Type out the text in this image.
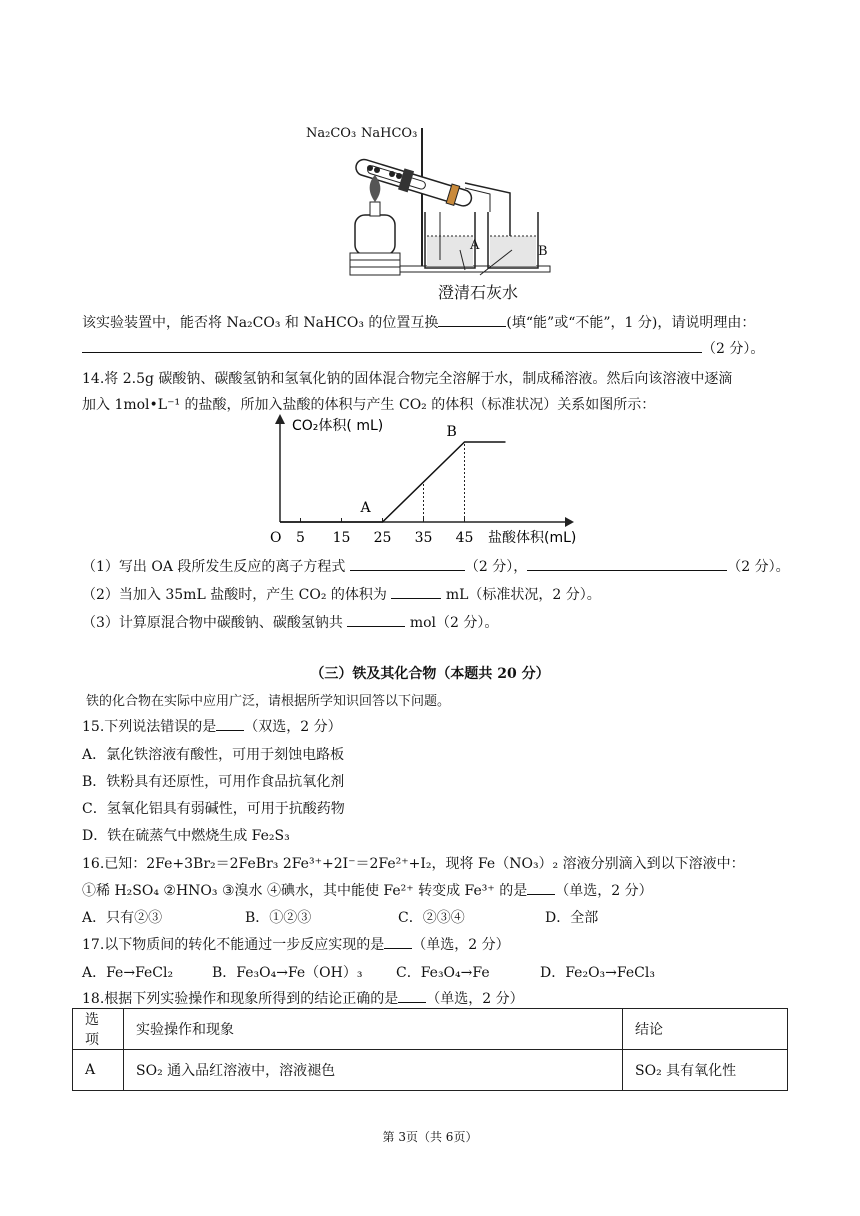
Na₂CO₃ NaHCO₃
A	B
澄清石灰水
该实验装置中，能否将 Na₂CO₃ 和 NaHCO₃ 的位置互换	(填“能”或“不能”，1 分)，请说明理由：
（2 分）。
14.将 2.5g 碳酸钠、碳酸氢钠和氢氧化钠的固体混合物完全溶解于水，制成稀溶液。然后向该溶液中逐滴
加入 1mol•L⁻¹ 的盐酸，所加入盐酸的体积与产生 CO₂ 的体积（标准状况）关系如图所示：
CO₂体积( mL)
盐酸体积(mL)
O 5 15 25 35 45
A
B
（1）写出 OA 段所发生反应的离子方程式	（2 分），	（2 分）。
（2）当加入 35mL 盐酸时，产生 CO₂ 的体积为	mL（标准状况，2 分）。
（3）计算原混合物中碳酸钠、碳酸氢钠共	mol（2 分）。
（三）铁及其化合物（本题共 20 分）
铁的化合物在实际中应用广泛，请根据所学知识回答以下问题。
15.下列说法错误的是 （双选，2 分）
A．氯化铁溶液有酸性，可用于刻蚀电路板
B．铁粉具有还原性，可用作食品抗氧化剂
C．氢氧化铝具有弱碱性，可用于抗酸药物
D．铁在硫蒸气中燃烧生成 Fe₂S₃
16.已知：2Fe+3Br₂＝2FeBr₃ 2Fe³⁺+2I⁻＝2Fe²⁺+I₂，现将 Fe（NO₃）₂ 溶液分别滴入到以下溶液中：
①稀 H₂SO₄ ②HNO₃ ③溴水 ④碘水，其中能使 Fe²⁺ 转变成 Fe³⁺ 的是 （单选，2 分）
A．只有②③	B．①②③	C．②③④	D．全部
17.以下物质间的转化不能通过一步反应实现的是 （单选，2 分）
A．Fe→FeCl₂	B．Fe₃O₄→Fe（OH）₃ C．Fe₃O₄→Fe	D．Fe₂O₃→FeCl₃
18.根据下列实验操作和现象所得到的结论正确的是 （单选，2 分）
选项	实验操作和现象	结论
A	SO₂ 通入品红溶液中，溶液褪色	SO₂ 具有氧化性
第 3页（共 6页）
